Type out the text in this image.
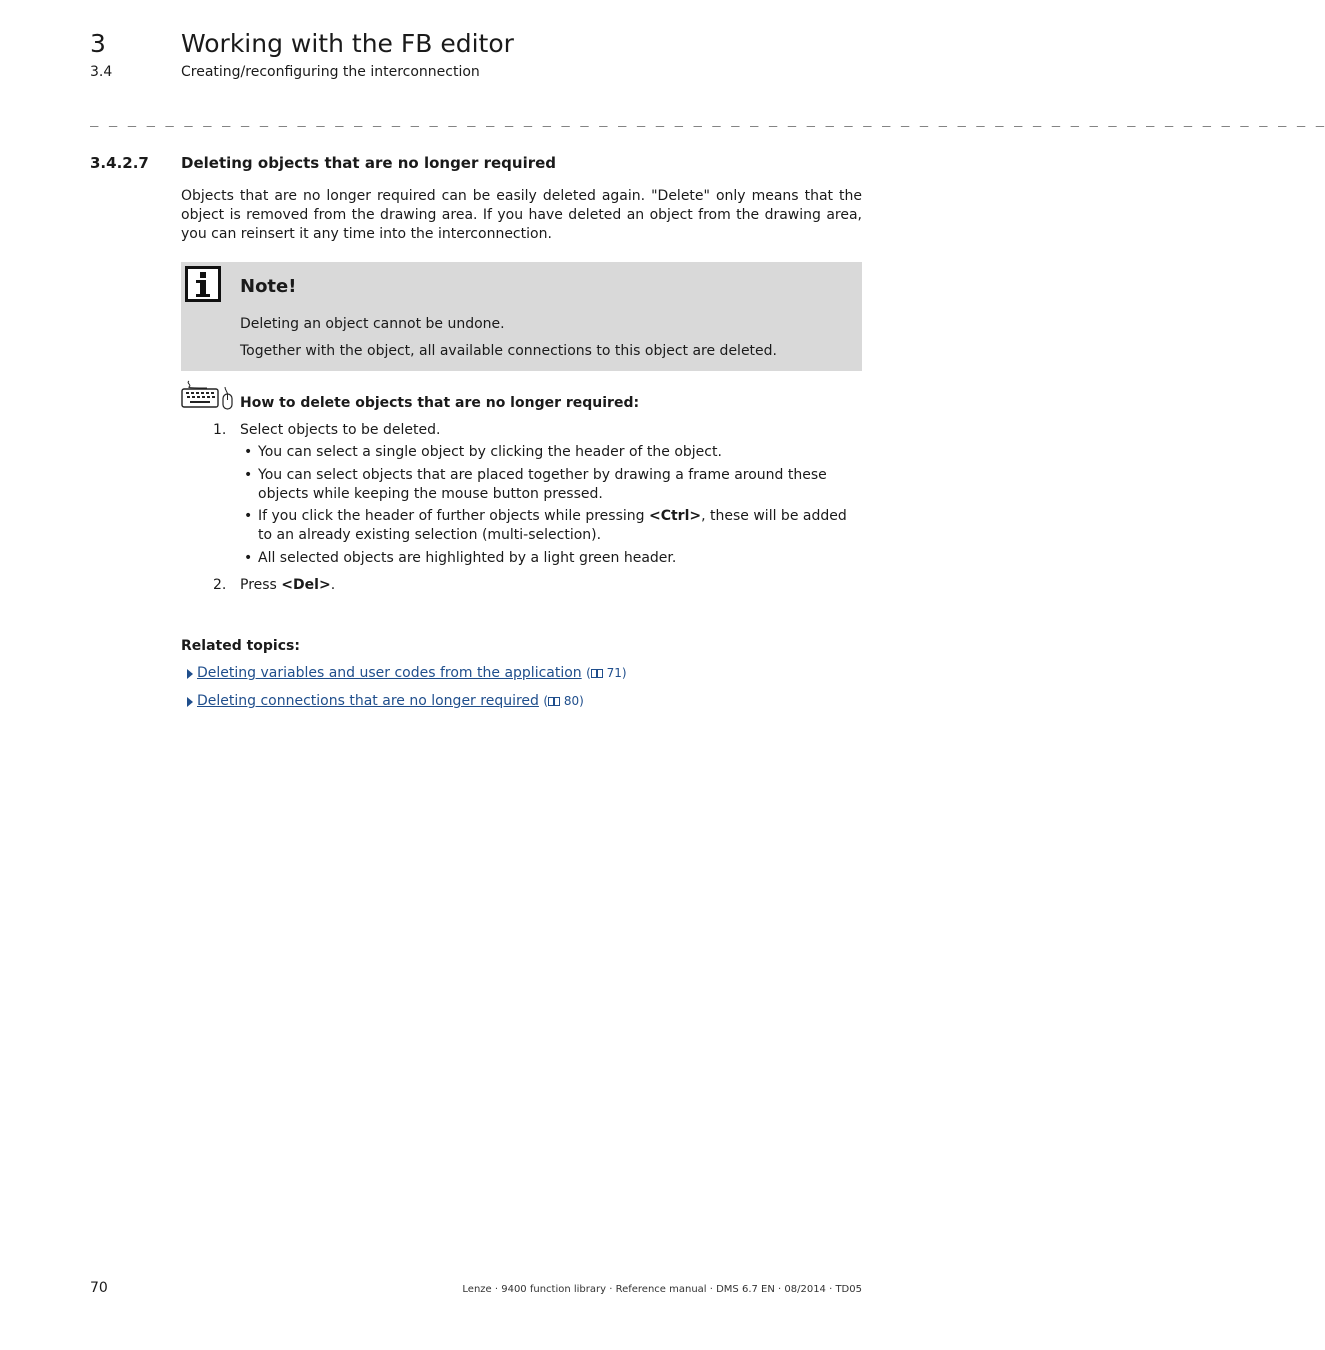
3	Working with the FB editor
3.4	Creating/reconfiguring the interconnection
_ _ _ _ _ _ _ _ _ _ _ _ _ _ _ _ _ _ _ _ _ _ _ _ _ _ _ _ _ _ _ _ _ _ _ _ _ _ _ _ _ _ _ _ _ _ _ _ _ _ _ _ _ _ _ _ _ _ _ _ _ _ _ _ _ _
3.4.2.7 Deleting objects that are no longer required
Objects that are no longer required can be easily deleted again. "Delete" only means that the object is removed from the drawing area. If you have deleted an object from the drawing area, you can reinsert it any time into the interconnection.
Note!
Deleting an object cannot be undone.
Together with the object, all available connections to this object are deleted.
How to delete objects that are no longer required:
1. Select objects to be deleted.
• You can select a single object by clicking the header of the object.
• You can select objects that are placed together by drawing a frame around these objects while keeping the mouse button pressed.
• If you click the header of further objects while pressing <Ctrl>, these will be added to an already existing selection (multi-selection).
• All selected objects are highlighted by a light green header.
2. Press <Del>.
Related topics:
Deleting variables and user codes from the application ( 71)
Deleting connections that are no longer required ( 80)
70	Lenze · 9400 function library · Reference manual · DMS 6.7 EN · 08/2014 · TD05
